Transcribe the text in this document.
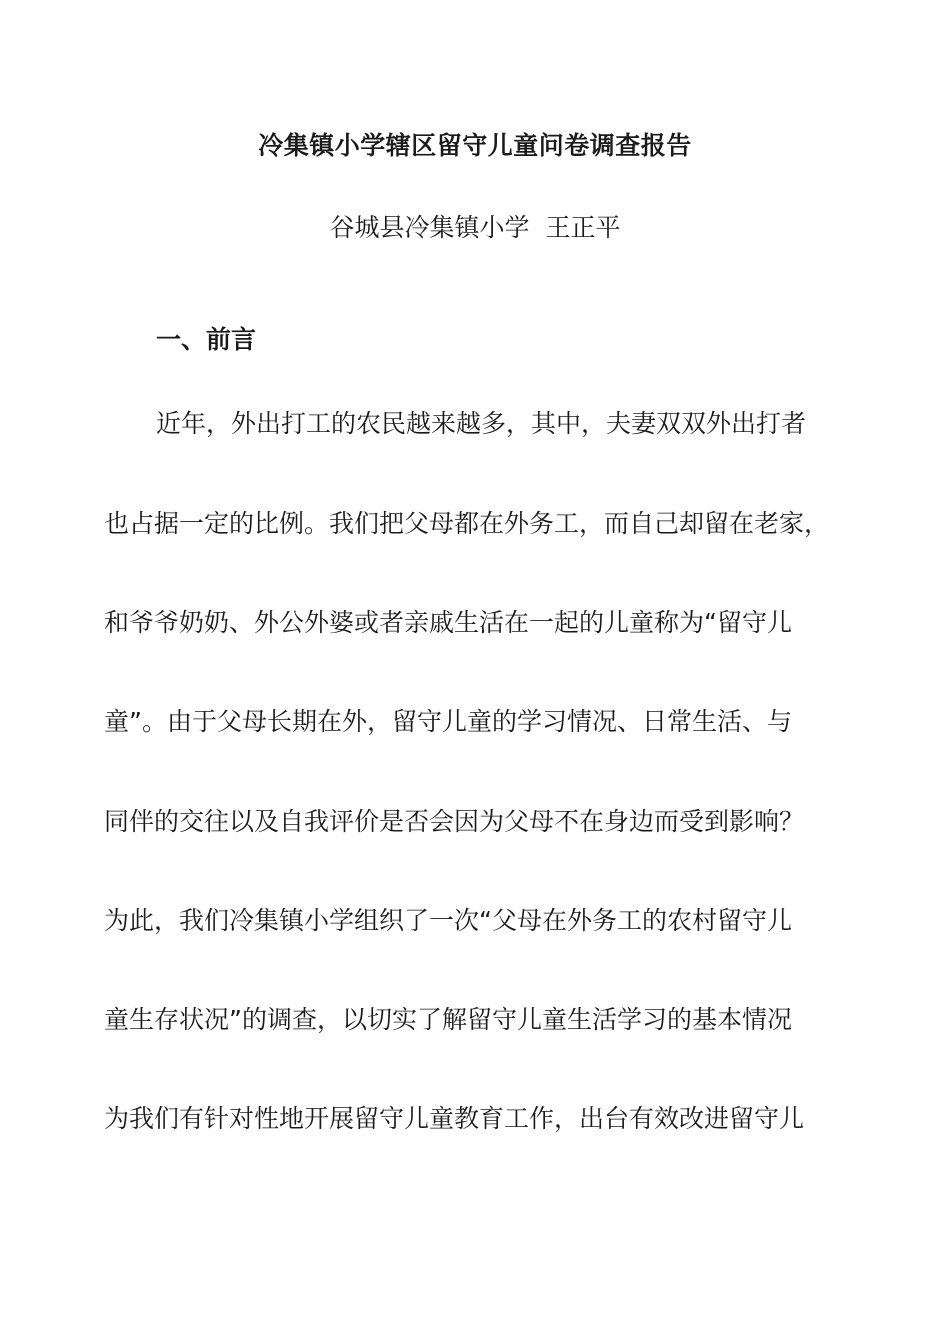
冷集镇小学辖区留守儿童问卷调查报告
谷城县冷集镇小学  王正平
一、前言
近年，外出打工的农民越来越多，其中，夫妻双双外出打者
也占据一定的比例。我们把父母都在外务工，而自己却留在老家，
和爷爷奶奶、外公外婆或者亲戚生活在一起的儿童称为“留守儿
童”。由于父母长期在外，留守儿童的学习情况、日常生活、与
同伴的交往以及自我评价是否会因为父母不在身边而受到影响？
为此，我们冷集镇小学组织了一次“父母在外务工的农村留守儿
童生存状况”的调查，以切实了解留守儿童生活学习的基本情况
为我们有针对性地开展留守儿童教育工作，出台有效改进留守儿
